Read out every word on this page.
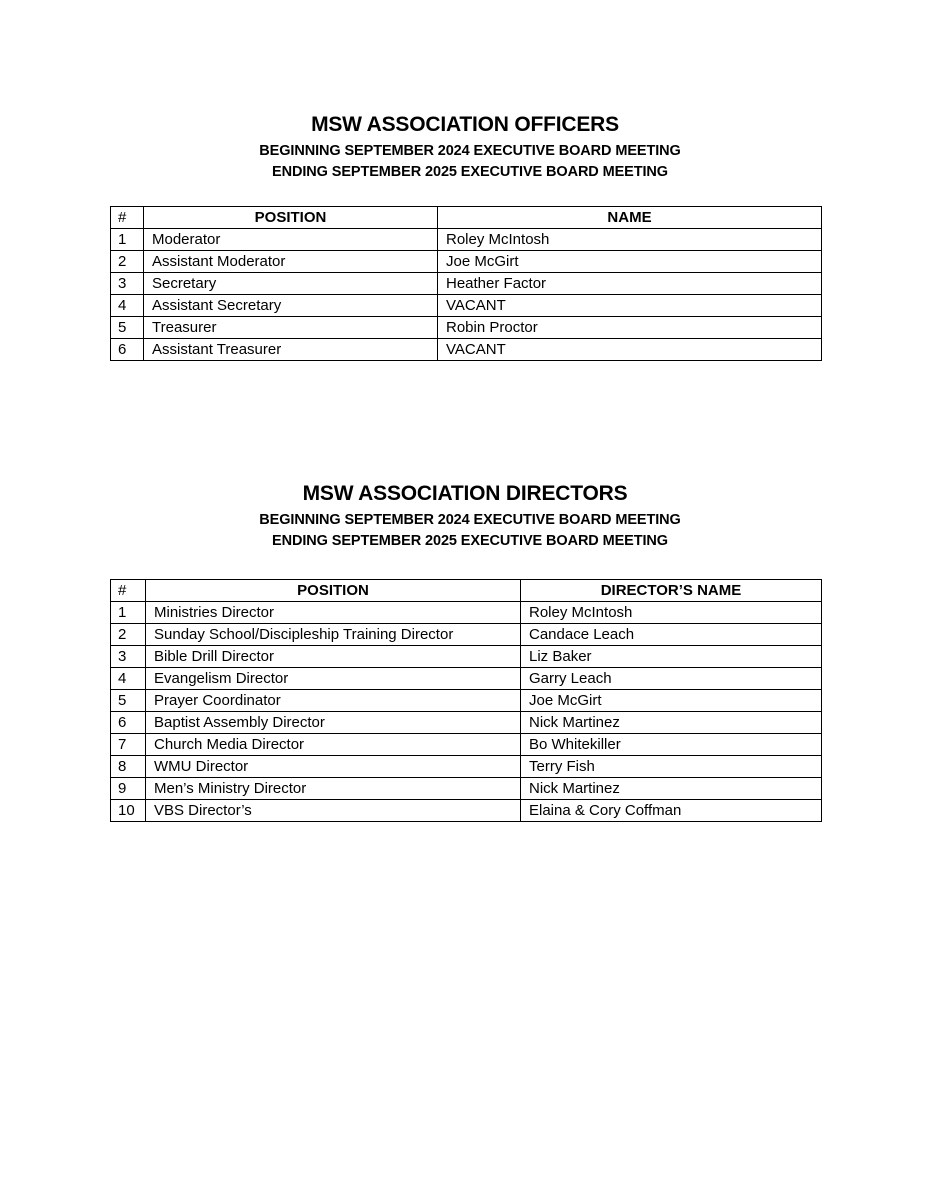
MSW ASSOCIATION OFFICERS
BEGINNING SEPTEMBER 2024 EXECUTIVE BOARD MEETING
ENDING SEPTEMBER 2025 EXECUTIVE BOARD MEETING
#	POSITION	NAME
1	Moderator	Roley McIntosh
2	Assistant Moderator	Joe McGirt
3	Secretary	Heather Factor
4	Assistant Secretary	VACANT
5	Treasurer	Robin Proctor
6	Assistant Treasurer	VACANT
MSW ASSOCIATION DIRECTORS
BEGINNING SEPTEMBER 2024 EXECUTIVE BOARD MEETING
ENDING SEPTEMBER 2025 EXECUTIVE BOARD MEETING
#	POSITION	DIRECTOR’S NAME
1	Ministries Director	Roley McIntosh
2	Sunday School/Discipleship Training Director	Candace Leach
3	Bible Drill Director	Liz Baker
4	Evangelism Director	Garry Leach
5	Prayer Coordinator	Joe McGirt
6	Baptist Assembly Director	Nick Martinez
7	Church Media Director	Bo Whitekiller
8	WMU Director	Terry Fish
9	Men’s Ministry Director	Nick Martinez
10	VBS Director’s	Elaina & Cory Coffman
